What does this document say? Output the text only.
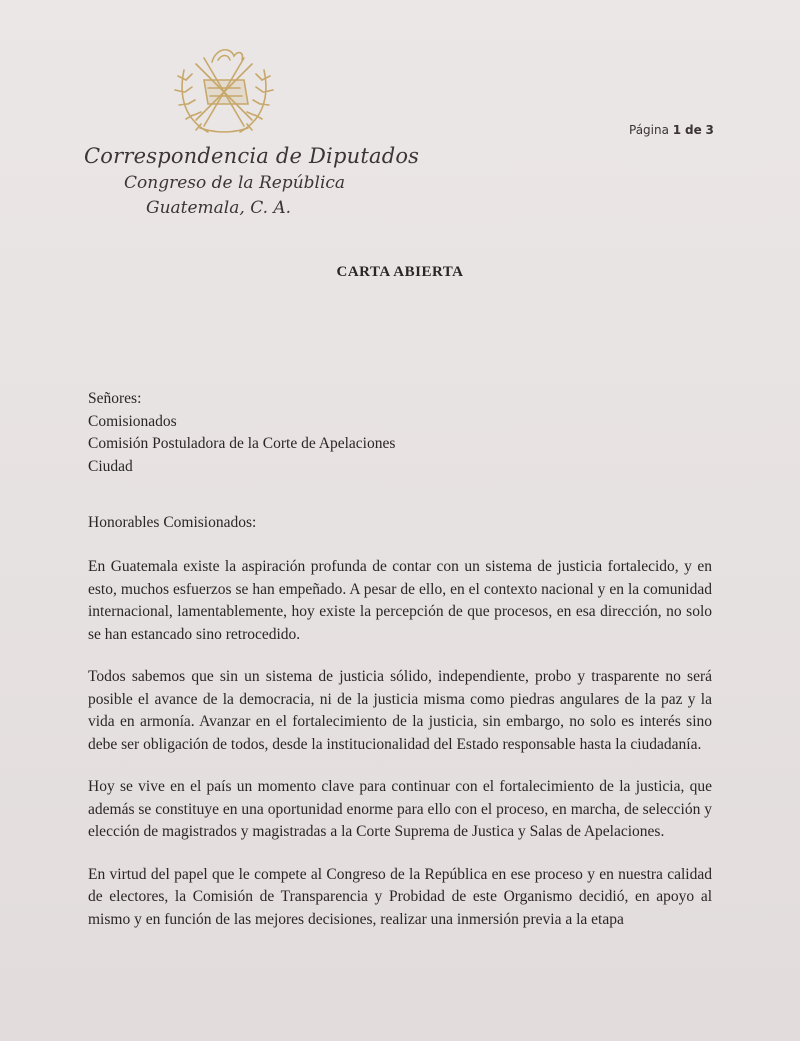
Página 1 de 3
Correspondencia de Diputados
Congreso de la República
Guatemala, C. A.
CARTA ABIERTA
Señores:
Comisionados
Comisión Postuladora de la Corte de Apelaciones
Ciudad
Honorables Comisionados:

En Guatemala existe la aspiración profunda de contar con un sistema de justicia fortalecido, y en esto, muchos esfuerzos se han empeñado. A pesar de ello, en el contexto nacional y en la comunidad internacional, lamentablemente, hoy existe la percepción de que procesos, en esa dirección, no solo se han estancado sino retrocedido.

Todos sabemos que sin un sistema de justicia sólido, independiente, probo y trasparente no será posible el avance de la democracia, ni de la justicia misma como piedras angulares de la paz y la vida en armonía. Avanzar en el fortalecimiento de la justicia, sin embargo, no solo es interés sino debe ser obligación de todos, desde la institucionalidad del Estado responsable hasta la ciudadanía.

Hoy se vive en el país un momento clave para continuar con el fortalecimiento de la justicia, que además se constituye en una oportunidad enorme para ello con el proceso, en marcha, de selección y elección de magistrados y magistradas a la Corte Suprema de Justica y Salas de Apelaciones.

En virtud del papel que le compete al Congreso de la República en ese proceso y en nuestra calidad de electores, la Comisión de Transparencia y Probidad de este Organismo decidió, en apoyo al mismo y en función de las mejores decisiones, realizar una inmersión previa a la etapa
